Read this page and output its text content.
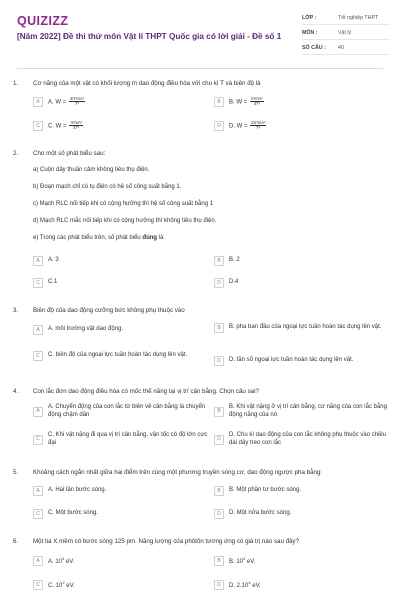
QUIZIZZ
[Năm 2022] Đề thi thử môn Vật lí THPT Quốc gia có lời giải - Đề số 1
LỚP :	Tốt nghiệp THPT
MÔN :	Vật lý
SỐ CÂU : 40
1. Cơ năng của một vật có khối lượng m dao động điều hòa với chu kì T và biên độ là
A	A. $W = \frac{\text{4π²mA²}}{\text{T²}}$	B	B. $W = \frac{\text{π²mA²}}{\text{4T²}}$
C	C. $W = \frac{\text{π²mA²}}{\text{4T²}}$	D	D. $W = \frac{\text{2π²mA²}}{\text{T²}}$
2. Cho một số phát biểu sau:
a) Cuộn dây thuần cảm không tiêu thụ điện.
b) Đoạn mạch chỉ có tụ điện có hệ số công suất bằng 1.
c) Mạch RLC nối tiếp khi có cộng hưởng thì hệ số công suất bằng 1
d) Mạch RLC mắc nối tiếp khi có cộng hưởng thì không tiêu thụ điện.
e) Trong các phát biểu trên, số phát biểu đúng là
A	A. 3	B	B. 2
C	C.1	D	D.4
3. Biên độ của dao động cưỡng bức không phụ thuộc vào
A	A. môi trường vật dao động.	B	B. pha ban đầu của ngoại lực tuần hoàn tác dụng lên vật.
C	C. biên độ của ngoại lực tuần hoàn tác dụng lên vật.
D	D. tần số ngoại lực tuần hoàn tác dụng lên vật.
4. Con lắc đơn dao động điều hòa có mốc thế năng tại vị trí cân bằng. Chọn câu sai?
A
A. Chuyển động của con lắc từ biên về cân bằng là chuyển động chậm dần
B
B. Khi vật nặng ở vị trí cân bằng, cơ năng của con lắc bằng động năng của nó
C
C. Khi vật nặng đi qua vị trí cân bằng, vận tốc có độ lớn cực đại
D
D. Chu kì dao động của con lắc không phụ thuộc vào chiều dài dây treo con lắc
5. Khoảng cách ngắn nhất giữa hai điểm trên cùng một phương truyền sóng cơ, dao động ngược pha bằng:
A	A. Hai lần bước sóng.	B	B. Một phần tư bước sóng.
C	C. Một bước sóng.	D	D. Một nửa bước sóng.
6. Một tia X mềm có bước sóng 125 pm. Năng lượng của phôtôn tương ứng có giá trị nào sau đây?
A	A. $10^4$ eV.	B	B. $10^3$ eV.
C	C. $10^2$ eV.	D	D. 2.10$^4$ eV.
